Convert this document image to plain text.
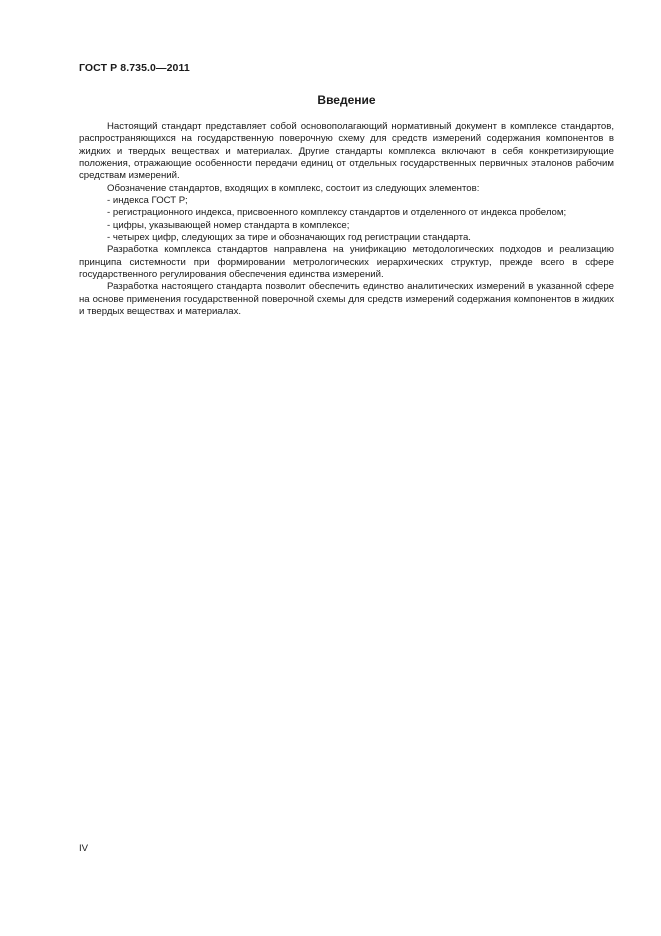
ГОСТ Р 8.735.0—2011
Введение

Настоящий стандарт представляет собой основополагающий нормативный документ в комплексе стандартов, распространяющихся на государственную поверочную схему для средств измерений содержания компонентов в жидких и твердых веществах и материалах. Другие стандарты комплекса включают в себя конкретизирующие положения, отражающие особенности передачи единиц от отдельных государственных первичных эталонов рабочим средствам измерений.

Обозначение стандартов, входящих в комплекс, состоит из следующих элементов:

- индекса ГОСТ Р;

- регистрационного индекса, присвоенного комплексу стандартов и отделенного от индекса пробелом;

- цифры, указывающей номер стандарта в комплексе;

- четырех цифр, следующих за тире и обозначающих год регистрации стандарта.

Разработка комплекса стандартов направлена на унификацию методологических подходов и реализацию принципа системности при формировании метрологических иерархических структур, прежде всего в сфере государственного регулирования обеспечения единства измерений.

Разработка настоящего стандарта позволит обеспечить единство аналитических измерений в указанной сфере на основе применения государственной поверочной схемы для средств измерений содержания компонентов в жидких и твердых веществах и материалах.

IV
